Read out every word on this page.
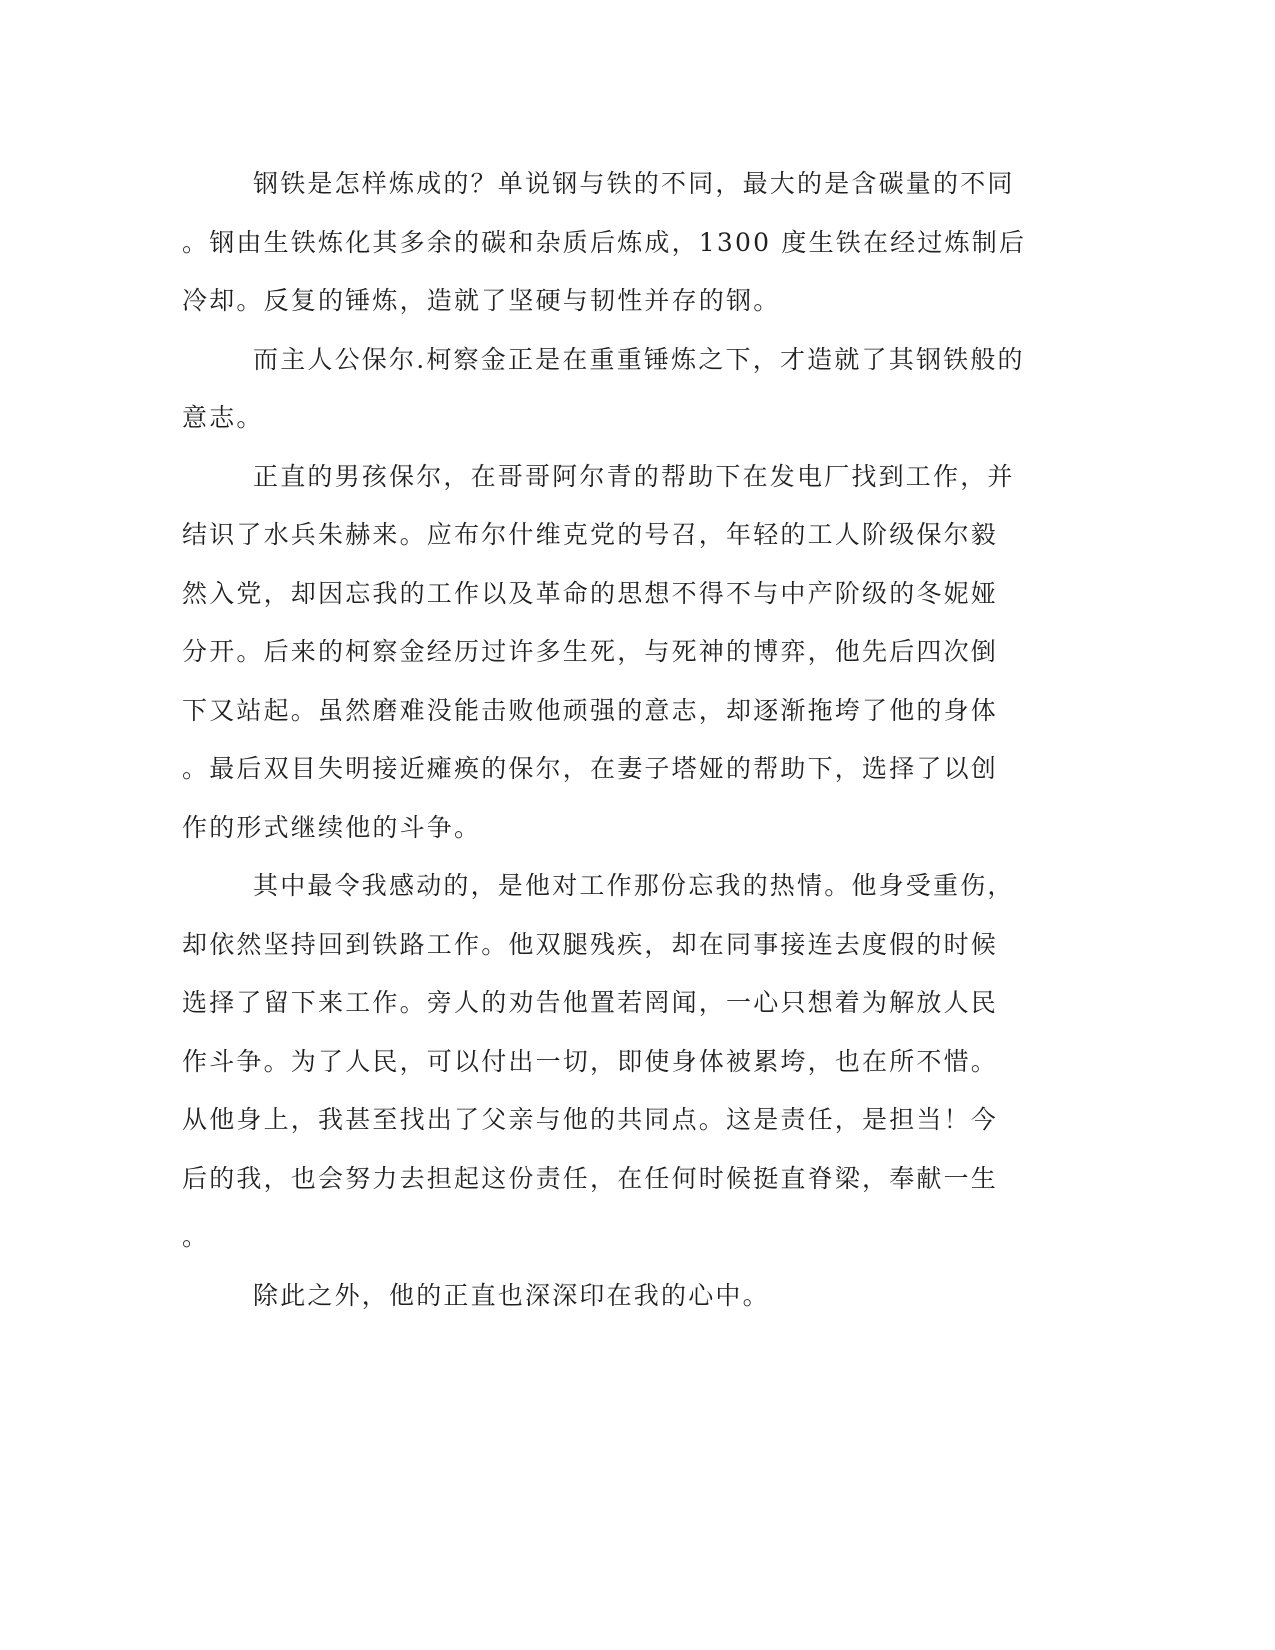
钢铁是怎样炼成的？单说钢与铁的不同，最大的是含碳量的不同
。钢由生铁炼化其多余的碳和杂质后炼成，1300 度生铁在经过炼制后
冷却。反复的锤炼，造就了坚硬与韧性并存的钢。

而主人公保尔.柯察金正是在重重锤炼之下，才造就了其钢铁般的
意志。

正直的男孩保尔，在哥哥阿尔青的帮助下在发电厂找到工作，并
结识了水兵朱赫来。应布尔什维克党的号召，年轻的工人阶级保尔毅
然入党，却因忘我的工作以及革命的思想不得不与中产阶级的冬妮娅
分开。后来的柯察金经历过许多生死，与死神的博弈，他先后四次倒
下又站起。虽然磨难没能击败他顽强的意志，却逐渐拖垮了他的身体
。最后双目失明接近瘫痪的保尔，在妻子塔娅的帮助下，选择了以创
作的形式继续他的斗争。

其中最令我感动的，是他对工作那份忘我的热情。他身受重伤，
却依然坚持回到铁路工作。他双腿残疾，却在同事接连去度假的时候
选择了留下来工作。旁人的劝告他置若罔闻，一心只想着为解放人民
作斗争。为了人民，可以付出一切，即使身体被累垮，也在所不惜。
从他身上，我甚至找出了父亲与他的共同点。这是责任，是担当！今
后的我，也会努力去担起这份责任，在任何时候挺直脊梁，奉献一生
。

除此之外，他的正直也深深印在我的心中。
